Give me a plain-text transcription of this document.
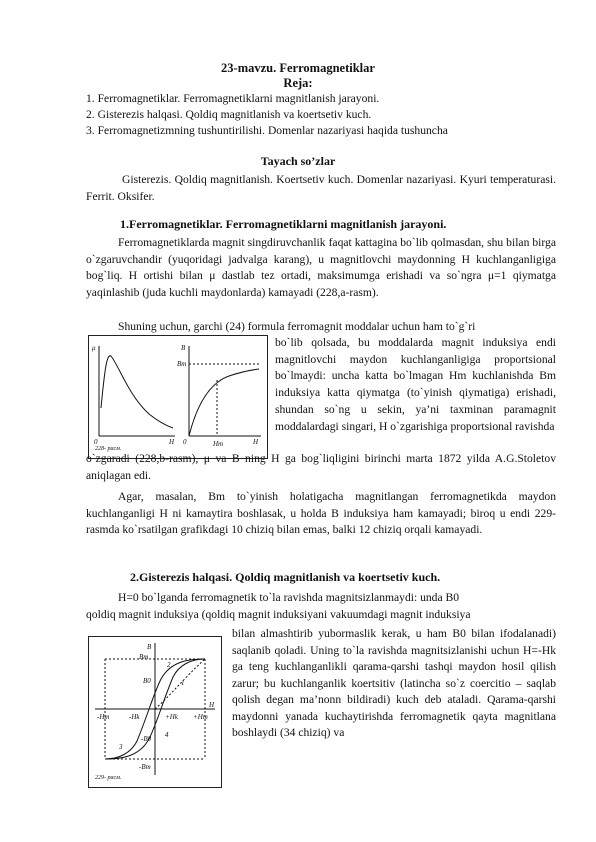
23-mavzu. Ferromagnetiklar
Reja:
1. Ferromagnetiklar. Ferromagnetiklarni magnitlanish jarayoni.
2. Gisterezis halqasi. Qoldiq magnitlanish va koertsetiv kuch.
3. Ferromagnetizmning tushuntirilishi. Domenlar nazariyasi haqida tushuncha
Tayach so’zlar

Gisterezis. Qoldiq magnitlanish. Koertsetiv kuch. Domenlar nazariyasi. Kyuri temperaturasi. Ferrit. Oksifer.

1.Ferromagnetiklar. Ferromagnetiklarni magnitlanish jarayoni.

Ferromagnetiklarda magnit singdiruvchanlik faqat kattagina bo`lib qolmasdan, shu bilan birga o`zgaruvchandir (yuqoridagi jadvalga karang), u magnitlovchi maydonning H kuchlanganligiga bog`liq. H ortishi bilan μ dastlab tez ortadi, maksimumga erishadi va so`ngra μ=1 qiymatga yaqinlashib (juda kuchli maydonlarda) kamayadi (228,a-rasm).

Shuning uchun, garchi (24) formula ferromagnit moddalar uchun ham to`g`ri

μ
0	H
B
Bm
0	Hm	H
228- расм.

bo`lib qolsada, bu moddalarda magnit induksiya endi magnitlovchi maydon kuchlanganligiga proportsional bo`lmaydi: uncha katta bo`lmagan Hm kuchlanishda Bm induksiya katta qiymatga (to`yinish qiymatiga) erishadi, shundan so`ng u sekin, ya’ni taxminan paramagnit moddalardagi singari, H o`zgarishiga proportsional ravishda

o`zgaradi (228,b-rasm), μ va B ning H ga bog`liqligini birinchi marta 1872 yilda A.G.Stoletov aniqlagan edi.

Agar, masalan, Bm to`yinish holatigacha magnitlangan ferromagnetikda maydon kuchlanganligi H ni kamaytira boshlasak, u holda B induksiya ham kamayadi; biroq u endi 229-rasmda ko`rsatilgan grafikdagi 10 chiziq bilan emas, balki 12 chiziq orqali kamayadi.

2.Gisterezis halqasi. Qoldiq magnitlanish va koertsetiv kuch.

H=0 bo`lganda ferromagnetik to`la ravishda magnitsizlanmaydi: unda B0

qoldiq magnit induksiya (qoldiq magnit induksiyani vakuumdagi magnit induksiya

B
Bm
B0
-Hm	-Hk	+Hk +Hm
H
-B0
-Bm
1
2
3
4
229- расм.

bilan almashtirib yubormaslik kerak, u ham B0 bilan ifodalanadi) saqlanib qoladi. Uning to`la ravishda magnitsizlanishi uchun H=-Hk ga teng kuchlanganlikli qarama-qarshi tashqi maydon hosil qilish zarur; bu kuchlanganlik koertsitiv (latincha so`z coercitio – saqlab qolish degan ma’nonn bildiradi) kuch deb ataladi. Qarama-qarshi maydonni yanada kuchaytirishda ferromagnetik qayta magnitlana boshlaydi (34 chiziq) va
